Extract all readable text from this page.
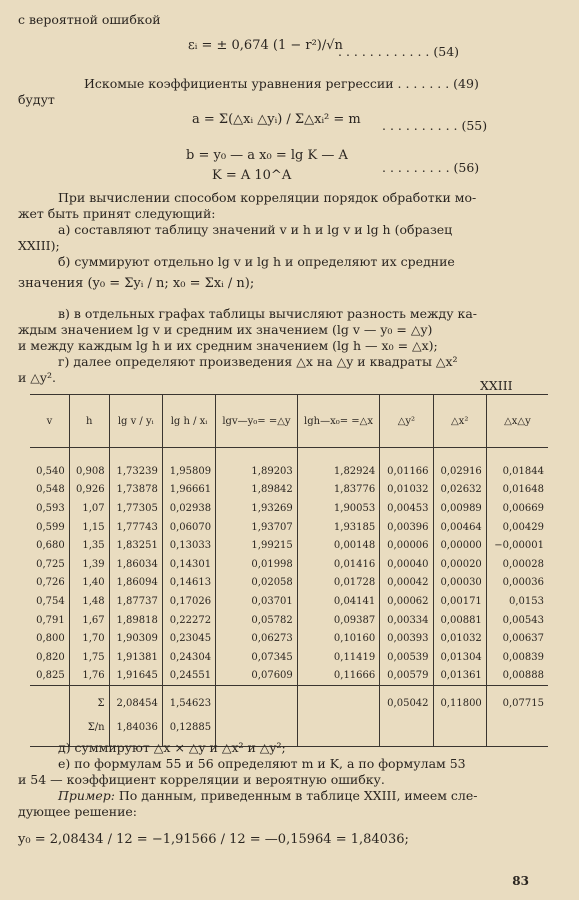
с вероятной ошибкой
εᵢ = ± 0,674 (1 − r²)/√n
. . . . . . . . . . . . (54)
Искомые коэффициенты уравнения регрессии . . . . . . . (49)
будут
a = Σ(△xᵢ △yᵢ) / Σ△xᵢ² = m . . . . . . . . . . (55)
b = y₀ — a x₀ = lg K — A
K = A 10^A
. . . . . . . . . (56)
При вычислении способом корреляции порядок обработки мо-
жет быть принят следующий:
а) составляют таблицу значений v и h и lg v и lg h (образец
XXIII);
б) суммируют отдельно lg v и lg h и определяют их средние
значения (y₀ = Σyᵢ / n; x₀ = Σxᵢ / n);
в) в отдельных графах таблицы вычисляют разность между ка-
ждым значением lg v и средним их значением (lg v — y₀ = △y)
и между каждым lg h и их средним значением (lg h — x₀ = △x);
г) далее определяют произведения △x на △y и квадраты △x²
и △y².
XXIII
v	h	lg v / yᵢ	lg h / xᵢ	lgv—y₀= =△y	lgh—x₀= =△x	△y²	△x²	△x△y
0,540	0,908	1,73239	1,95809	1,89203	1,82924	0,01166	0,02916	0,01844
0,548	0,926	1,73878	1,96661	1,89842	1,83776	0,01032	0,02632	0,01648
0,593	1,07	1,77305	0,02938	1,93269	1,90053	0,00453	0,00989	0,00669
0,599	1,15	1,77743	0,06070	1,93707	1,93185	0,00396	0,00464	0,00429
0,680	1,35	1,83251	0,13033	1,99215	0,00148	0,00006	0,00000	−0,00001
0,725	1,39	1,86034	0,14301	0,01998	0,01416	0,00040	0,00020	0,00028
0,726	1,40	1,86094	0,14613	0,02058	0,01728	0,00042	0,00030	0,00036
0,754	1,48	1,87737	0,17026	0,03701	0,04141	0,00062	0,00171	0,0153
0,791	1,67	1,89818	0,22272	0,05782	0,09387	0,00334	0,00881	0,00543
0,800	1,70	1,90309	0,23045	0,06273	0,10160	0,00393	0,01032	0,00637
0,820	1,75	1,91381	0,24304	0,07345	0,11419	0,00539	0,01304	0,00839
0,825	1,76	1,91645	0,24551	0,07609	0,11666	0,00579	0,01361	0,00888
	Σ	2,08454	1,54623			0,05042	0,11800	0,07715
	Σ/n	1,84036	0,12885					
д) суммируют △x × △y и △x² и △y²;
е) по формулам 55 и 56 определяют m и K, а по формулам 53
и 54 — коэффициент корреляции и вероятную ошибку.
Пример: По данным, приведенным в таблице XXIII, имеем сле-
дующее решение:
y₀ = 2,08434 / 12 = −1,91566 / 12 = —0,15964 = 1,84036;
83
